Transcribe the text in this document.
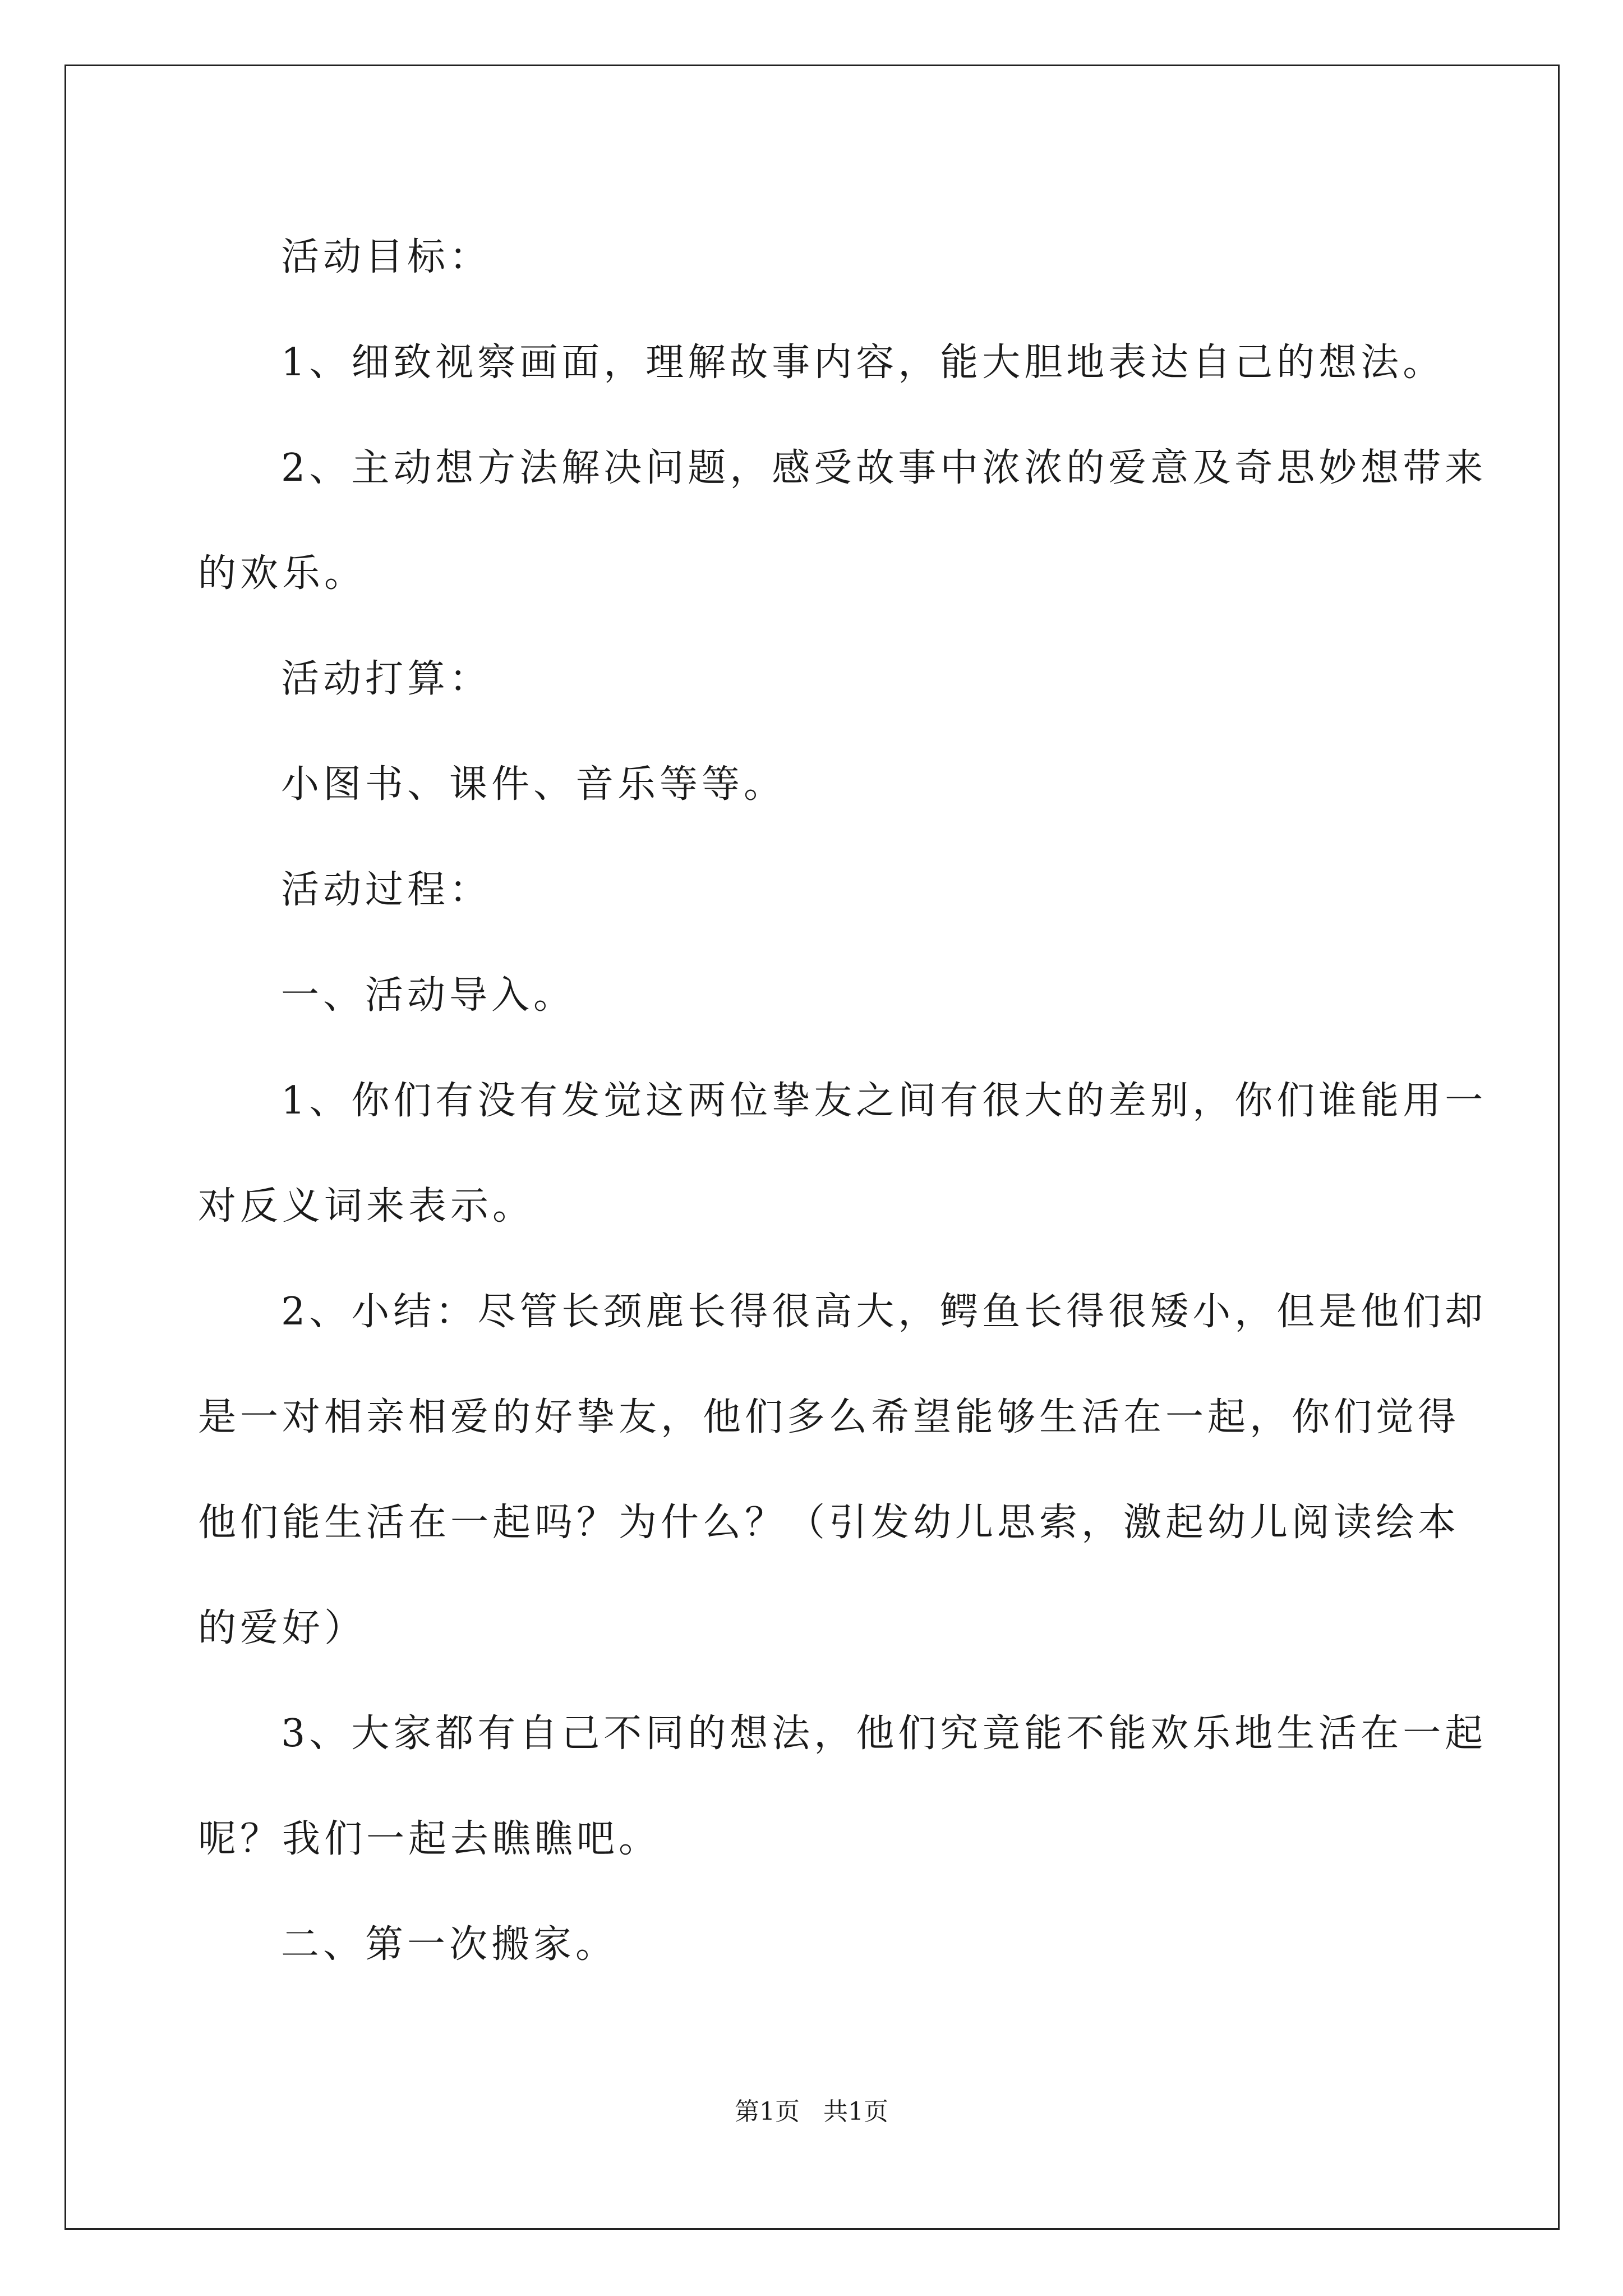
活动目标：

1、细致视察画面，理解故事内容，能大胆地表达自己的想法。

2、主动想方法解决问题，感受故事中浓浓的爱意及奇思妙想带来

的欢乐。

活动打算：

小图书、课件、音乐等等。

活动过程：

一、活动导入。

1、你们有没有发觉这两位挚友之间有很大的差别，你们谁能用一

对反义词来表示。

2、小结：尽管长颈鹿长得很高大，鳄鱼长得很矮小，但是他们却

是一对相亲相爱的好挚友，他们多么希望能够生活在一起，你们觉得

他们能生活在一起吗？为什么？（引发幼儿思索，激起幼儿阅读绘本

的爱好）

3、大家都有自己不同的想法，他们究竟能不能欢乐地生活在一起

呢？我们一起去瞧瞧吧。

二、第一次搬家。

第1页   共1页
